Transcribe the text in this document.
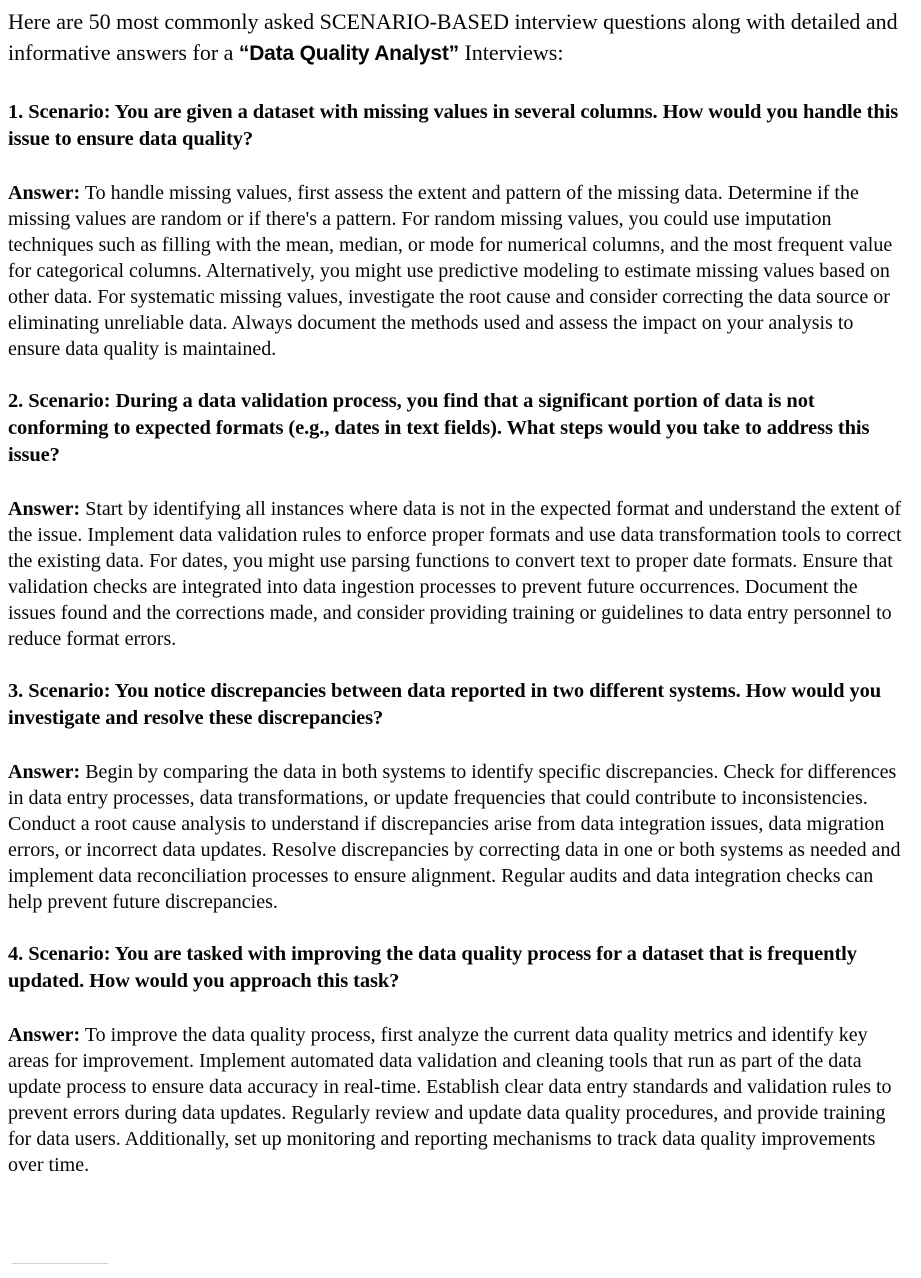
Here are 50 most commonly asked SCENARIO-BASED interview questions along with detailed and informative answers for a “Data Quality Analyst” Interviews:

1. Scenario: You are given a dataset with missing values in several columns. How would you handle this issue to ensure data quality?

Answer: To handle missing values, first assess the extent and pattern of the missing data. Determine if the missing values are random or if there's a pattern. For random missing values, you could use imputation techniques such as filling with the mean, median, or mode for numerical columns, and the most frequent value for categorical columns. Alternatively, you might use predictive modeling to estimate missing values based on other data. For systematic missing values, investigate the root cause and consider correcting the data source or eliminating unreliable data. Always document the methods used and assess the impact on your analysis to ensure data quality is maintained.

2. Scenario: During a data validation process, you find that a significant portion of data is not conforming to expected formats (e.g., dates in text fields). What steps would you take to address this issue?

Answer: Start by identifying all instances where data is not in the expected format and understand the extent of the issue. Implement data validation rules to enforce proper formats and use data transformation tools to correct the existing data. For dates, you might use parsing functions to convert text to proper date formats. Ensure that validation checks are integrated into data ingestion processes to prevent future occurrences. Document the issues found and the corrections made, and consider providing training or guidelines to data entry personnel to reduce format errors.

3. Scenario: You notice discrepancies between data reported in two different systems. How would you investigate and resolve these discrepancies?

Answer: Begin by comparing the data in both systems to identify specific discrepancies. Check for differences in data entry processes, data transformations, or update frequencies that could contribute to inconsistencies. Conduct a root cause analysis to understand if discrepancies arise from data integration issues, data migration errors, or incorrect data updates. Resolve discrepancies by correcting data in one or both systems as needed and implement data reconciliation processes to ensure alignment. Regular audits and data integration checks can help prevent future discrepancies.

4. Scenario: You are tasked with improving the data quality process for a dataset that is frequently updated. How would you approach this task?

Answer: To improve the data quality process, first analyze the current data quality metrics and identify key areas for improvement. Implement automated data validation and cleaning tools that run as part of the data update process to ensure data accuracy in real-time. Establish clear data entry standards and validation rules to prevent errors during data updates. Regularly review and update data quality procedures, and provide training for data users. Additionally, set up monitoring and reporting mechanisms to track data quality improvements over time.
